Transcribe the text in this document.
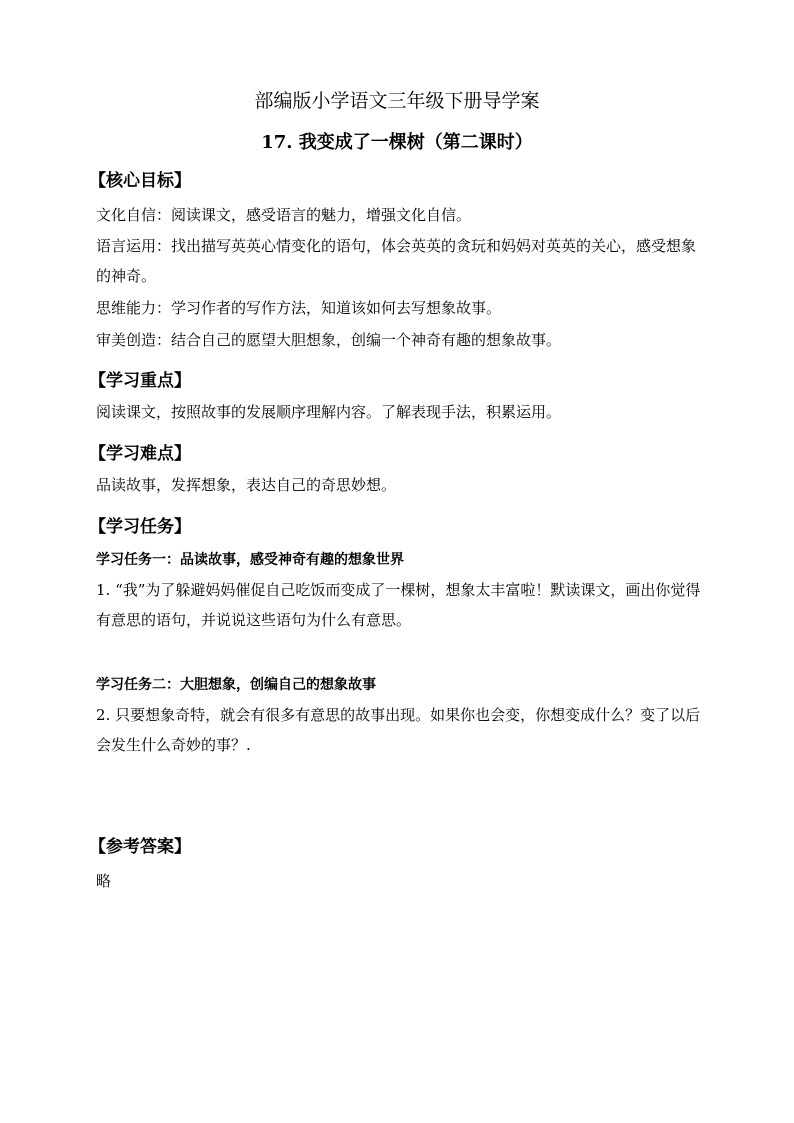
部编版小学语文三年级下册导学案
17. 我变成了一棵树（第二课时）
【核心目标】
文化自信：阅读课文，感受语言的魅力，增强文化自信。
语言运用：找出描写英英心情变化的语句，体会英英的贪玩和妈妈对英英的关心，感受想象的神奇。
思维能力：学习作者的写作方法，知道该如何去写想象故事。
审美创造：结合自己的愿望大胆想象，创编一个神奇有趣的想象故事。
【学习重点】
阅读课文，按照故事的发展顺序理解内容。了解表现手法，积累运用。
【学习难点】
品读故事，发挥想象，表达自己的奇思妙想。
【学习任务】
学习任务一：品读故事，感受神奇有趣的想象世界
1. “我”为了躲避妈妈催促自己吃饭而变成了一棵树，想象太丰富啦！默读课文，画出你觉得有意思的语句，并说说这些语句为什么有意思。
学习任务二：大胆想象，创编自己的想象故事
2. 只要想象奇特，就会有很多有意思的故事出现。如果你也会变，你想变成什么？变了以后会发生什么奇妙的事？.
【参考答案】
略
